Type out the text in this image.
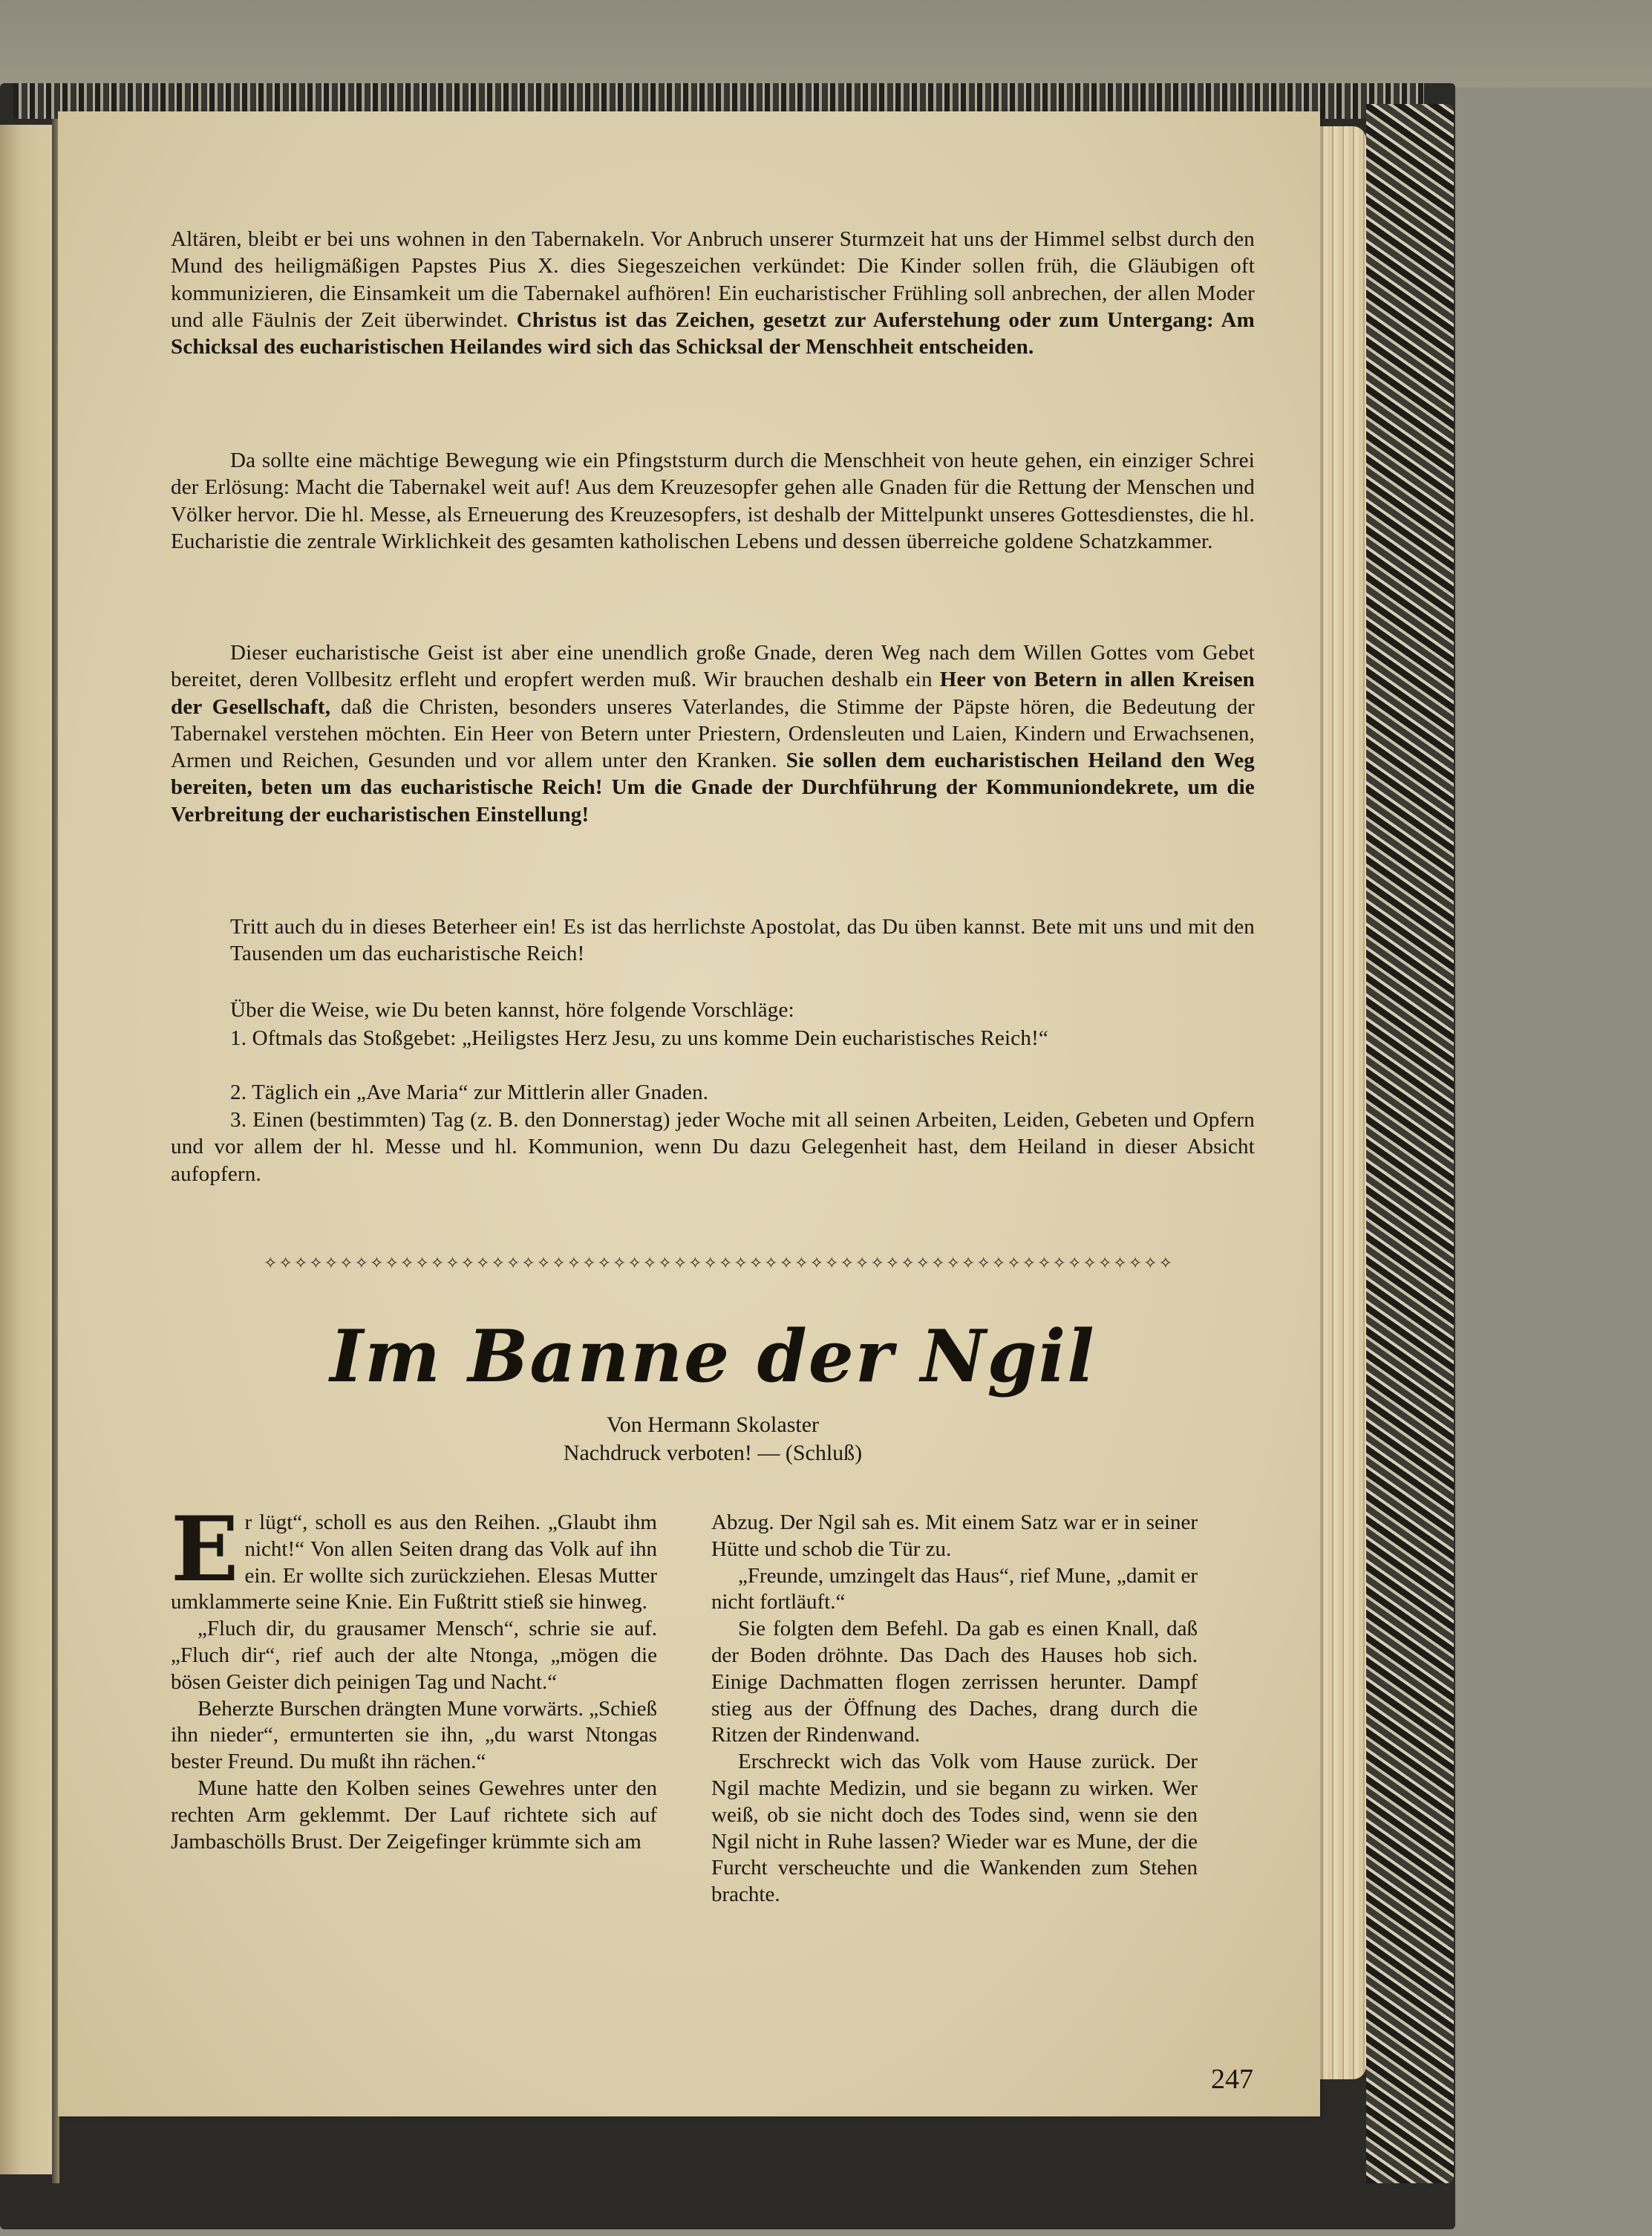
Altären, bleibt er bei uns wohnen in den Tabernakeln. Vor Anbruch unserer Sturmzeit hat uns der Himmel selbst durch den Mund des heiligmäßigen Papstes Pius X. dies Siegeszeichen verkündet: Die Kinder sollen früh, die Gläubigen oft kommunizieren, die Einsamkeit um die Tabernakel aufhören! Ein eucharistischer Frühling soll anbrechen, der allen Moder und alle Fäulnis der Zeit überwindet. Christus ist das Zeichen, gesetzt zur Auferstehung oder zum Untergang: Am Schicksal des eucharistischen Heilandes wird sich das Schicksal der Menschheit entscheiden.

Da sollte eine mächtige Bewegung wie ein Pfingststurm durch die Menschheit von heute gehen, ein einziger Schrei der Erlösung: Macht die Tabernakel weit auf! Aus dem Kreuzesopfer gehen alle Gnaden für die Rettung der Menschen und Völker hervor. Die hl. Messe, als Erneuerung des Kreuzesopfers, ist deshalb der Mittelpunkt unseres Gottesdienstes, die hl. Eucharistie die zentrale Wirklichkeit des gesamten katholischen Lebens und dessen überreiche goldene Schatzkammer.

Dieser eucharistische Geist ist aber eine unendlich große Gnade, deren Weg nach dem Willen Gottes vom Gebet bereitet, deren Vollbesitz erfleht und eropfert werden muß. Wir brauchen deshalb ein Heer von Betern in allen Kreisen der Gesellschaft, daß die Christen, besonders unseres Vaterlandes, die Stimme der Päpste hören, die Bedeutung der Tabernakel verstehen möchten. Ein Heer von Betern unter Priestern, Ordensleuten und Laien, Kindern und Erwachsenen, Armen und Reichen, Gesunden und vor allem unter den Kranken. Sie sollen dem eucharistischen Heiland den Weg bereiten, beten um das eucharistische Reich! Um die Gnade der Durchführung der Kommuniondekrete, um die Verbreitung der eucharistischen Einstellung!

Tritt auch du in dieses Beterheer ein! Es ist das herrlichste Apostolat, das Du üben kannst. Bete mit uns und mit den Tausenden um das eucharistische Reich!

Über die Weise, wie Du beten kannst, höre folgende Vorschläge:

1. Oftmals das Stoßgebet: „Heiligstes Herz Jesu, zu uns komme Dein eucharistisches Reich!“

2. Täglich ein „Ave Maria“ zur Mittlerin aller Gnaden.

3. Einen (bestimmten) Tag (z. B. den Donnerstag) jeder Woche mit all seinen Arbeiten, Leiden, Gebeten und Opfern und vor allem der hl. Messe und hl. Kommunion, wenn Du dazu Gelegenheit hast, dem Heiland in dieser Absicht aufopfern.

✧✧✧✧✧✧✧✧✧✧✧✧✧✧✧✧✧✧✧✧✧✧✧✧✧✧✧✧✧✧✧✧✧✧✧✧✧✧✧✧✧✧✧✧✧✧✧✧✧✧✧✧✧✧✧✧✧✧✧✧
Im Banne der Ngil

Von Hermann Skolaster

Nachdruck verboten! — (Schluß)

Er lügt“, scholl es aus den Reihen. „Glaubt ihm nicht!“ Von allen Seiten drang das Volk auf ihn ein. Er wollte sich zurückziehen. Elesas Mutter umklammerte seine Knie. Ein Fußtritt stieß sie hinweg.

„Fluch dir, du grausamer Mensch“, schrie sie auf. „Fluch dir“, rief auch der alte Ntonga, „mögen die bösen Geister dich peinigen Tag und Nacht.“

Beherzte Burschen drängten Mune vorwärts. „Schieß ihn nieder“, ermunterten sie ihn, „du warst Ntongas bester Freund. Du mußt ihn rächen.“

Mune hatte den Kolben seines Gewehres unter den rechten Arm geklemmt. Der Lauf richtete sich auf Jambaschölls Brust. Der Zeigefinger krümmte sich am

Abzug. Der Ngil sah es. Mit einem Satz war er in seiner Hütte und schob die Tür zu.

„Freunde, umzingelt das Haus“, rief Mune, „damit er nicht fortläuft.“

Sie folgten dem Befehl. Da gab es einen Knall, daß der Boden dröhnte. Das Dach des Hauses hob sich. Einige Dachmatten flogen zerrissen herunter. Dampf stieg aus der Öffnung des Daches, drang durch die Ritzen der Rindenwand.

Erschreckt wich das Volk vom Hause zurück. Der Ngil machte Medizin, und sie begann zu wirken. Wer weiß, ob sie nicht doch des Todes sind, wenn sie den Ngil nicht in Ruhe lassen? Wieder war es Mune, der die Furcht verscheuchte und die Wankenden zum Stehen brachte.

247
